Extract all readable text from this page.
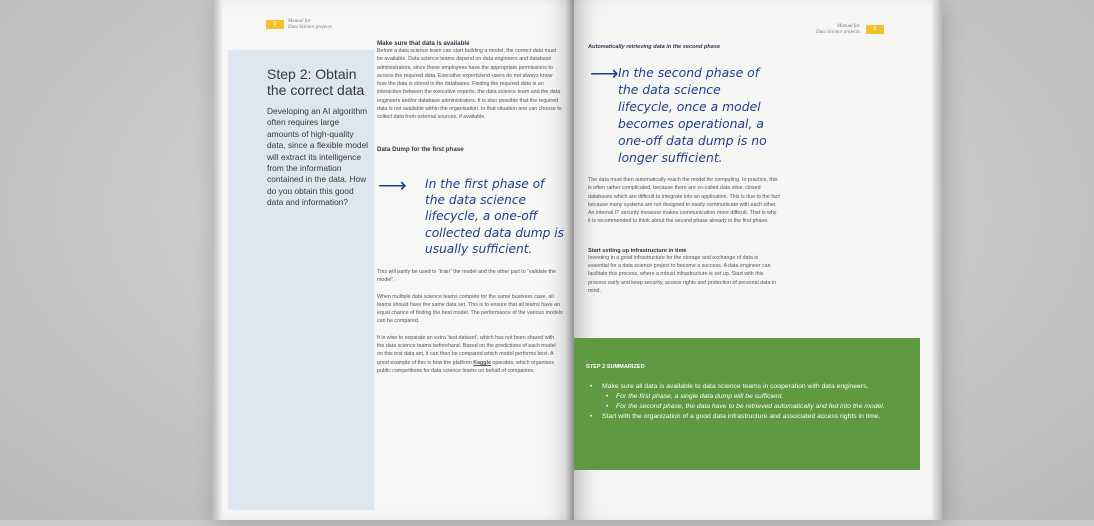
8	Manual for
Data Science projects
Step 2: Obtain the correct data
Developing an AI algorithm often requires large amounts of high-quality data, since a flexible model will extract its intelligence from the information contained in the data. How do you obtain this good data and information?
Make sure that data is available
Before a data science team can start building a model, the correct data must be available. Data science teams depend on data engineers and database administrators, since these employees have the appropriate permissions to access the required data. Executive experts/end-users do not always know how the data is stored in the databases. Finding the required data is an interaction between the executive experts, the data science team and the data engineers and/or database administrators. It is also possible that the required data is not available within the organisation. In that situation one can choose to collect data from external sources, if available.
Data Dump for the first phase
⟶ In the first phase of the data science lifecycle, a one-off collected data dump is usually sufficient.
This will partly be used to “train” the model and the other part to “validate the model”.
When multiple data science teams compete for the same business case, all teams should have the same data set. This is to ensure that all teams have an equal chance of finding the best model. The performance of the various models can be compared.
It is wise to separate an extra ‘test dataset’, which has not been shared with the data science teams beforehand. Based on the predictions of each model on this test data set, it can then be compared which model performs best. A good example of this is how the platform Kaggle operates, which organises public competitions for data science teams on behalf of companies.
Manual for
Data Science projects
9
Automatically retrieving data in the second phase
⟶ In the second phase of the data science lifecycle, once a model becomes operational, a one-off data dump is no longer sufficient.
The data must then automatically reach the model for computing. In practice, this is often rather complicated, because there are so-called data silos: closed databases which are difficult to integrate into an application. This is due to the fact because many systems are not designed to easily communicate with each other. An internal IT security measure makes communication more difficult. That is why it is recommended to think about the second phase already in the first phase.
Start setting up infrastructure in time
Investing in a good infrastructure for the storage and exchange of data is essential for a data science project to become a success. A data engineer can facilitate this process, where a robust infrastructure is set up. Start with this process early and keep security, access rights and protection of personal data in mind.
STEP 2 SUMMARIZED
• Make sure all data is available to data science teams in cooperation with data engineers.
• For the first phase, a single data dump will be sufficient.
• For the second phase, the data have to be retrieved automatically and fed into the model.
• Start with the organization of a good data infrastructure and associated access rights in time.
